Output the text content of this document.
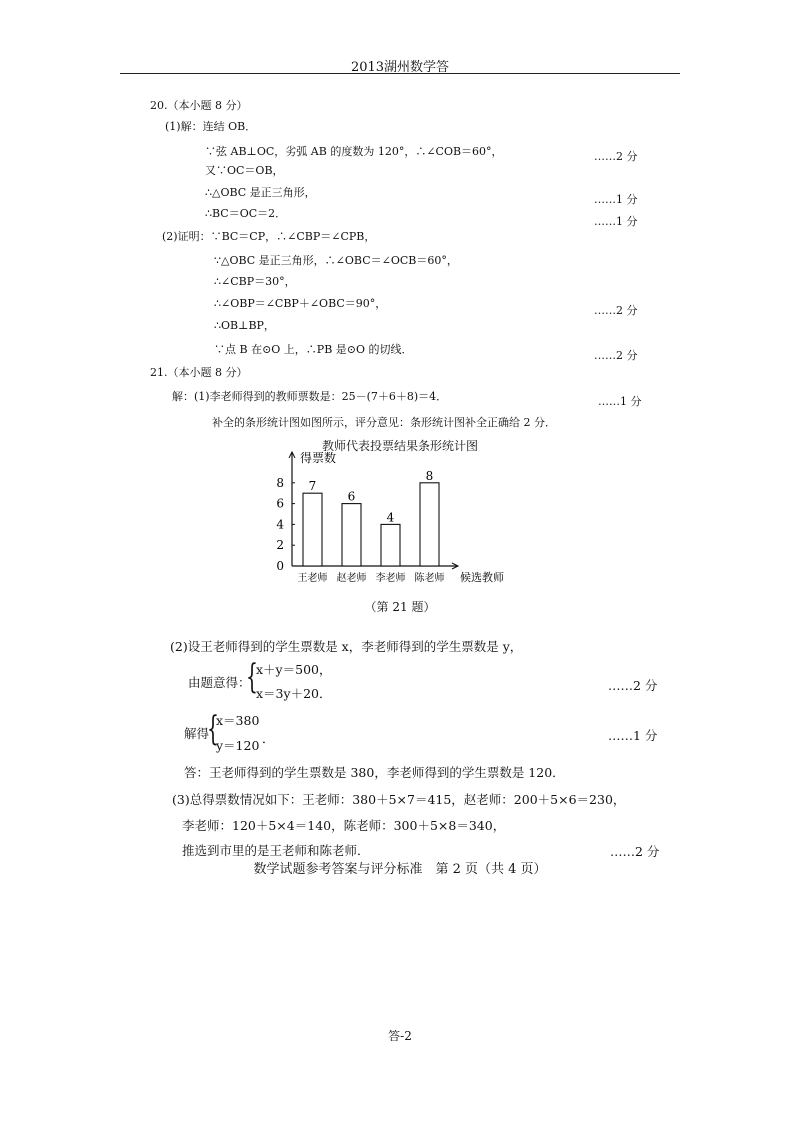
2013湖州数学答
20.（本小题 8 分）
(1)解：连结 OB．
∵弦 AB⊥OC，劣弧 AB 的度数为 120°，∴∠COB＝60°，	……2 分
又∵OC＝OB，
∴△OBC 是正三角形，
……1 分
∴BC＝OC＝2．
……1 分
(2)证明：∵BC＝CP，∴∠CBP＝∠CPB，
∵△OBC 是正三角形，∴∠OBC＝∠OCB＝60°，
∴∠CBP＝30°，
∴∠OBP＝∠CBP＋∠OBC＝90°，
……2 分
∴OB⊥BP，
∵点 B 在⊙O 上，∴PB 是⊙O 的切线．	……2 分
21.（本小题 8 分）
解：(1)李老师得到的教师票数是：25－(7＋6＋8)＝4．	……1 分
补全的条形统计图如图所示，评分意见：条形统计图补全正确给 2 分．
教师代表投票结果条形统计图
0
2
4
6
8
得票数
候选教师
7
王老师
6
赵老师
4
李老师
8
陈老师
（第 21 题）
(2)设王老师得到的学生票数是 x，李老师得到的学生票数是 y，
由题意得：
{
x＋y＝500，
x＝3y＋20．
……2 分
解得
{
x＝380
y＝120 ．	……1 分
答：王老师得到的学生票数是 380，李老师得到的学生票数是 120．
(3)总得票数情况如下：王老师：380＋5×7＝415，赵老师：200＋5×6＝230，
李老师：120＋5×4＝140，陈老师：300＋5×8＝340，
推选到市里的是王老师和陈老师．	……2 分
数学试题参考答案与评分标准　第 2 页（共 4 页）
答-2
